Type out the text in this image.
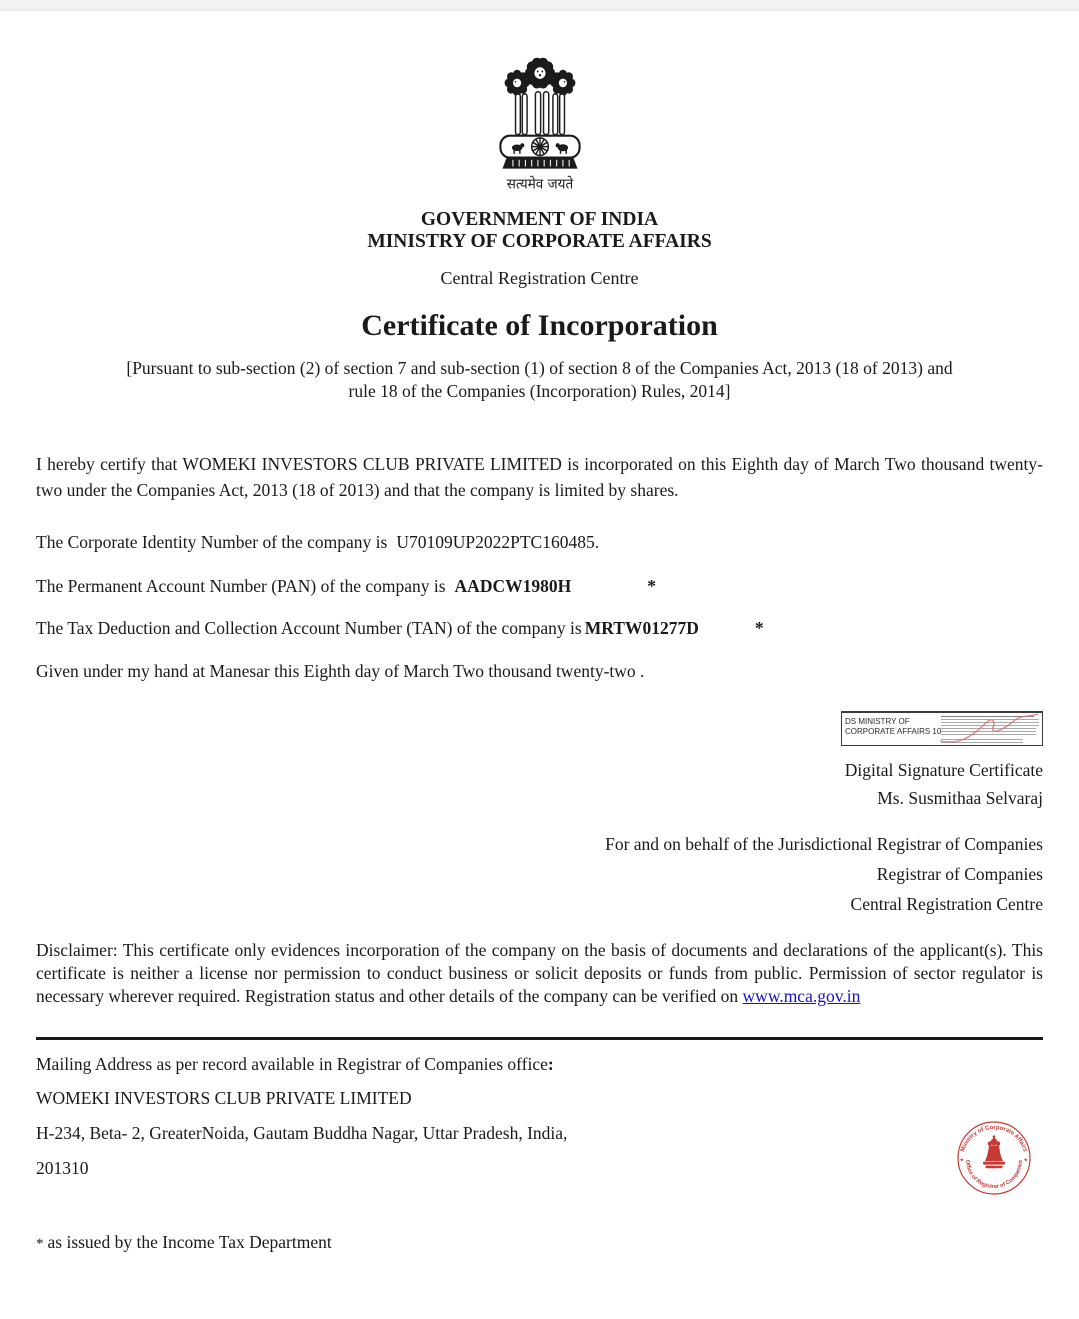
सत्यमेव जयते
GOVERNMENT OF INDIA
MINISTRY OF CORPORATE AFFAIRS
Central Registration Centre
Certificate of Incorporation
[Pursuant to sub-section (2) of section 7 and sub-section (1) of section 8 of the Companies Act, 2013 (18 of 2013) and
rule 18 of the Companies (Incorporation) Rules, 2014]

I hereby certify that WOMEKI INVESTORS CLUB PRIVATE LIMITED is incorporated on this Eighth day of March Two thousand twenty-two under the Companies Act, 2013 (18 of 2013) and that the company is limited by shares.

The Corporate Identity Number of the company is U70109UP2022PTC160485.

The Permanent Account Number (PAN) of the company is AADCW1980H	*

The Tax Deduction and Collection Account Number (TAN) of the company is MRTW01277D	*

Given under my hand at Manesar this Eighth day of March Two thousand twenty-two .

DS MINISTRY OF
CORPORATE AFFAIRS 10
Digital Signature Certificate
Ms. Susmithaa Selvaraj
For and on behalf of the Jurisdictional Registrar of Companies
Registrar of Companies
Central Registration Centre

Disclaimer: This certificate only evidences incorporation of the company on the basis of documents and declarations of the applicant(s). This certificate is neither a license nor permission to conduct business or solicit deposits or funds from public. Permission of sector regulator is necessary wherever required. Registration status and other details of the company can be verified on www.mca.gov.in

Mailing Address as per record available in Registrar of Companies office:

WOMEKI INVESTORS CLUB PRIVATE LIMITED

H-234, Beta- 2, GreaterNoida, Gautam Buddha Nagar, Uttar Pradesh, India,

201310

* as issued by the Income Tax Department

Ministry of Corporate Affairs
Office of Registrar of Companies
★	★
